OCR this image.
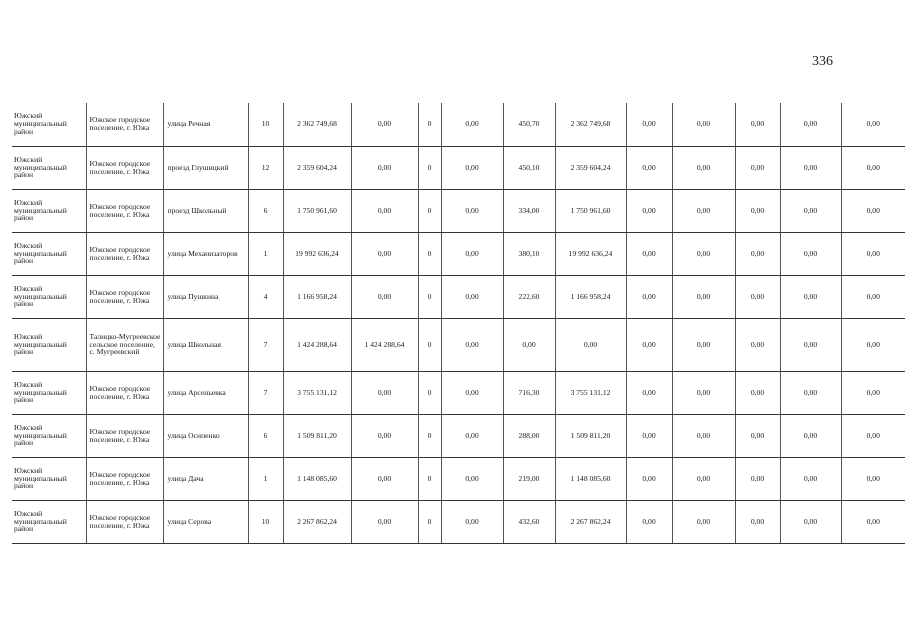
336
Южский муниципальный район	Южское городское поселение, г. Южа	улица Речная	10	2 362 749,68	0,00	0	0,00	450,70	2 362 749,68	0,00	0,00	0,00	0,00	0,00
Южский муниципальный район	Южское городское поселение, г. Южа	проезд Глушицкий	12	2 359 604,24	0,00	0	0,00	450,10	2 359 604,24	0,00	0,00	0,00	0,00	0,00
Южский муниципальный район	Южское городское поселение, г. Южа	проезд Школьный	6	1 750 961,60	0,00	0	0,00	334,00	1 750 961,60	0,00	0,00	0,00	0,00	0,00
Южский муниципальный район	Южское городское поселение, г. Южа	улица Механизаторов	1	19 992 636,24	0,00	0	0,00	380,10	19 992 636,24	0,00	0,00	0,00	0,00	0,00
Южский муниципальный район	Южское городское поселение, г. Южа	улица Пушкина	4	1 166 958,24	0,00	0	0,00	222,60	1 166 958,24	0,00	0,00	0,00	0,00	0,00
Южский муниципальный район	Талицко-Мугреевское сельское поселение, с. Мугреевский	улица Школьная	7	1 424 288,64	1 424 288,64	0	0,00	0,00	0,00	0,00	0,00	0,00	0,00	0,00
Южский муниципальный район	Южское городское поселение, г. Южа	улица Арсеньевка	7	3 755 131,12	0,00	0	0,00	716,30	3 755 131,12	0,00	0,00	0,00	0,00	0,00
Южский муниципальный район	Южское городское поселение, г. Южа	улица Осипенко	6	1 509 811,20	0,00	0	0,00	288,00	1 509 811,20	0,00	0,00	0,00	0,00	0,00
Южский муниципальный район	Южское городское поселение, г. Южа	улица Дача	1	1 148 085,60	0,00	0	0,00	219,00	1 148 085,60	0,00	0,00	0,00	0,00	0,00
Южский муниципальный район	Южское городское поселение, г. Южа	улица Серова	10	2 267 862,24	0,00	0	0,00	432,60	2 267 862,24	0,00	0,00	0,00	0,00	0,00
